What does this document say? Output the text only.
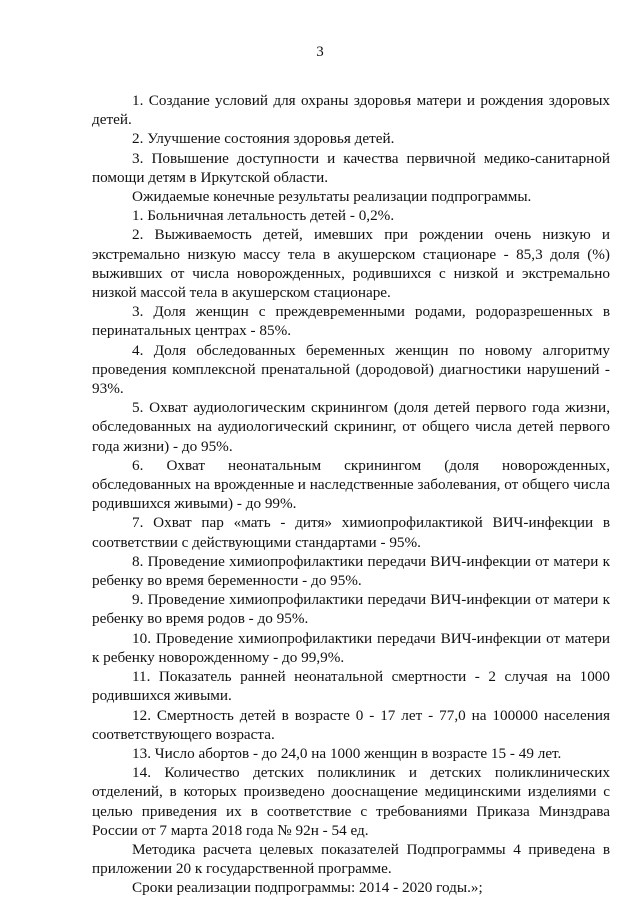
3

1. Создание условий для охраны здоровья матери и рождения здоровых детей.

2. Улучшение состояния здоровья детей.

3. Повышение доступности и качества первичной медико-санитарной помощи детям в Иркутской области.

Ожидаемые конечные результаты реализации подпрограммы.

1. Больничная летальность детей - 0,2%.

2. Выживаемость детей, имевших при рождении очень низкую и экстремально низкую массу тела в акушерском стационаре - 85,3 доля (%) выживших от числа новорожденных, родившихся с низкой и экстремально низкой массой тела в акушерском стационаре.

3. Доля женщин с преждевременными родами, родоразрешенных в перинатальных центрах - 85%.

4. Доля обследованных беременных женщин по новому алгоритму проведения комплексной пренатальной (дородовой) диагностики нарушений - 93%.

5. Охват аудиологическим скринингом (доля детей первого года жизни, обследованных на аудиологический скрининг, от общего числа детей первого года жизни) - до 95%.

6. Охват неонатальным скринингом (доля новорожденных, обследованных на врожденные и наследственные заболевания, от общего числа родившихся живыми) - до 99%.

7. Охват пар «мать - дитя» химиопрофилактикой ВИЧ-инфекции в соответствии с действующими стандартами - 95%.

8. Проведение химиопрофилактики передачи ВИЧ-инфекции от матери к ребенку во время беременности - до 95%.

9. Проведение химиопрофилактики передачи ВИЧ-инфекции от матери к ребенку во время родов - до 95%.

10. Проведение химиопрофилактики передачи ВИЧ-инфекции от матери к ребенку новорожденному - до 99,9%.

11. Показатель ранней неонатальной смертности - 2 случая на 1000 родившихся живыми.

12. Смертность детей в возрасте 0 - 17 лет - 77,0 на 100000 населения соответствующего возраста.

13. Число абортов - до 24,0 на 1000 женщин в возрасте 15 - 49 лет.

14. Количество детских поликлиник и детских поликлинических отделений, в которых произведено дооснащение медицинскими изделиями с целью приведения их в соответствие с требованиями Приказа Минздрава России от 7 марта 2018 года № 92н - 54 ед.

Методика расчета целевых показателей Подпрограммы 4 приведена в приложении 20 к государственной программе.

Сроки реализации подпрограммы: 2014 - 2020 годы.»;
